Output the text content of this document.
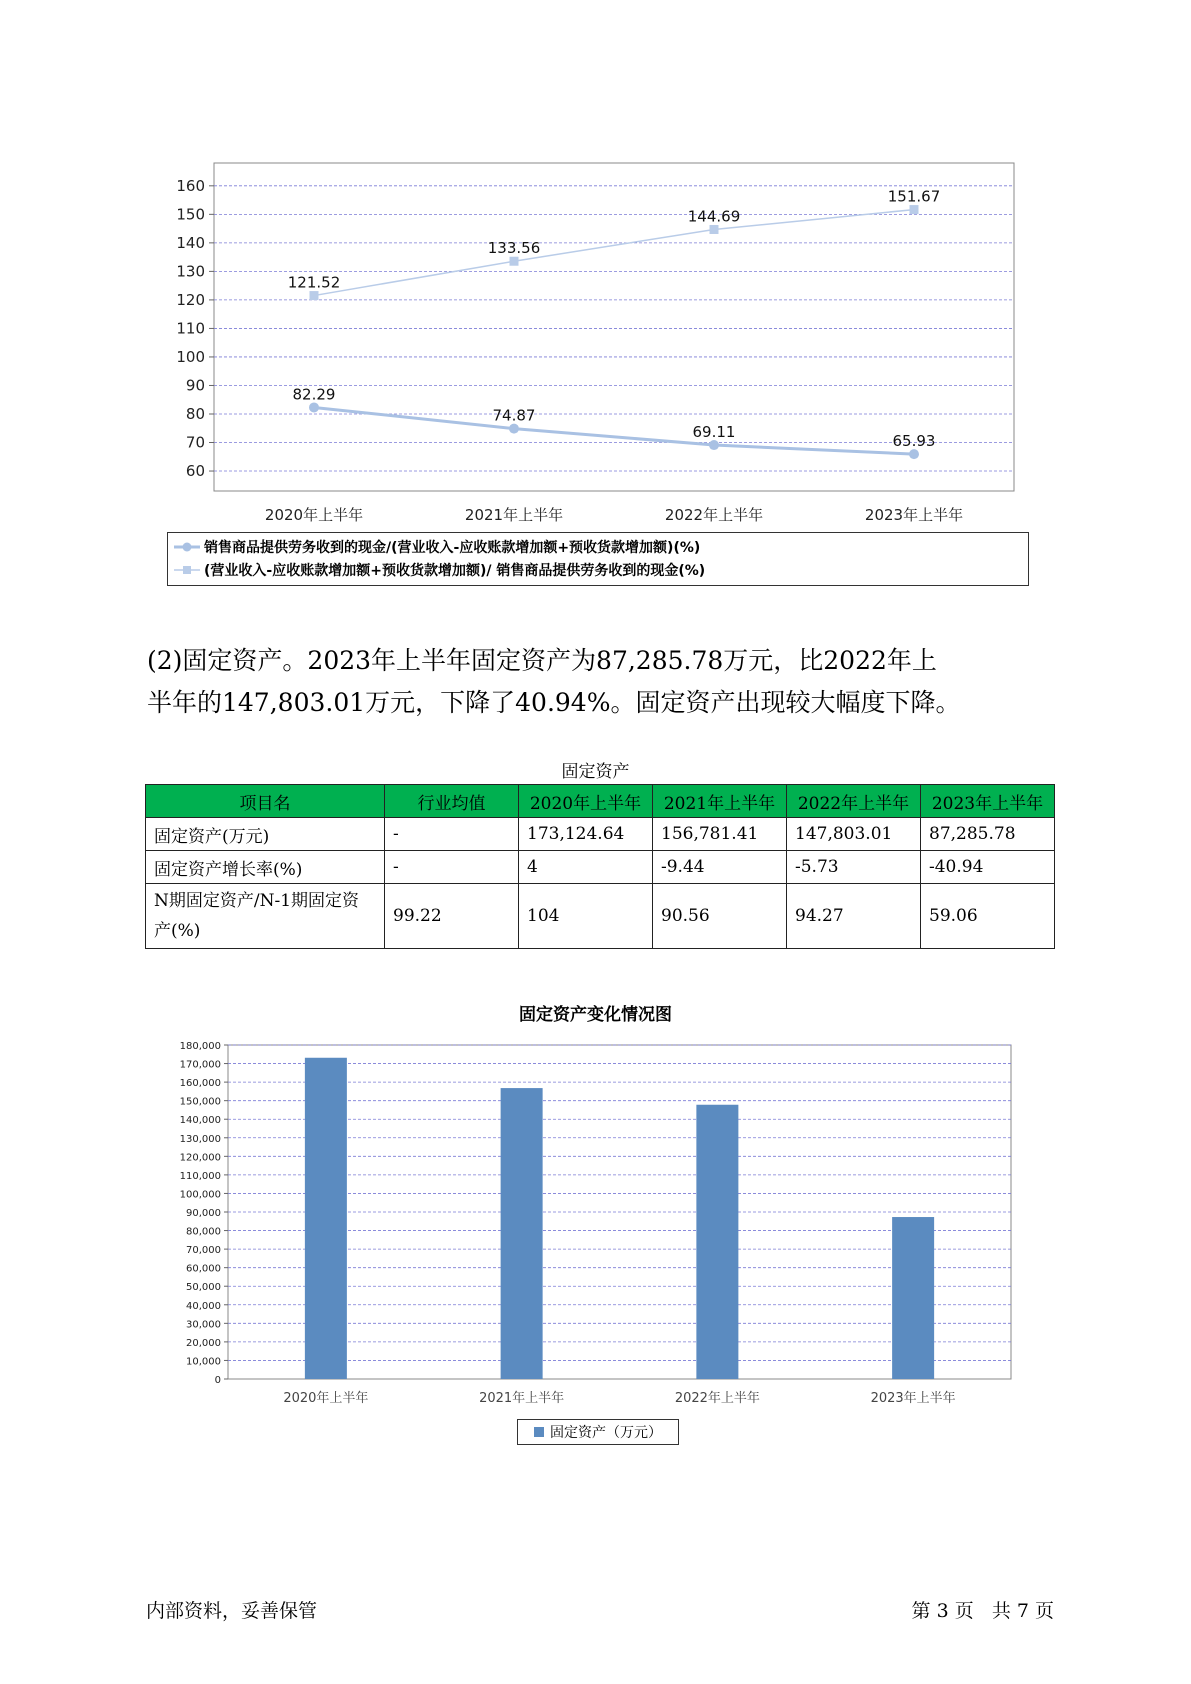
60
70
80
90
100
110
120
130
140
150
160
2020年上半年	2021年上半年	2022年上半年	2023年上半年
82.29
74.87
69.11
65.93
121.52
133.56
144.69
151.67
销售商品提供劳务收到的现金/(营业收入-应收账款增加额+预收货款增加额)(%)
(营业收入-应收账款增加额+预收货款增加额)/ 销售商品提供劳务收到的现金(%)
(2)固定资产。2023年上半年固定资产为87,285.78万元，比2022年上
半年的147,803.01万元，下降了40.94%。固定资产出现较大幅度下降。
固定资产
项目名	行业均值	2020年上半年	2021年上半年	2022年上半年	2023年上半年
固定资产(万元)	-	173,124.64	156,781.41	147,803.01	87,285.78
固定资产增长率(%)	-	4	-9.44	-5.73	-40.94
N期固定资产/N-1期固定资产(%)	99.22	104	90.56	94.27	59.06
固定资产变化情况图
0
10,000
20,000
30,000
40,000
50,000
60,000
70,000
80,000
90,000
100,000
110,000
120,000
130,000
140,000
150,000
160,000
170,000
180,000
2020年上半年	2021年上半年	2022年上半年	2023年上半年
固定资产（万元）
内部资料，妥善保管	第 3 页   共 7 页
